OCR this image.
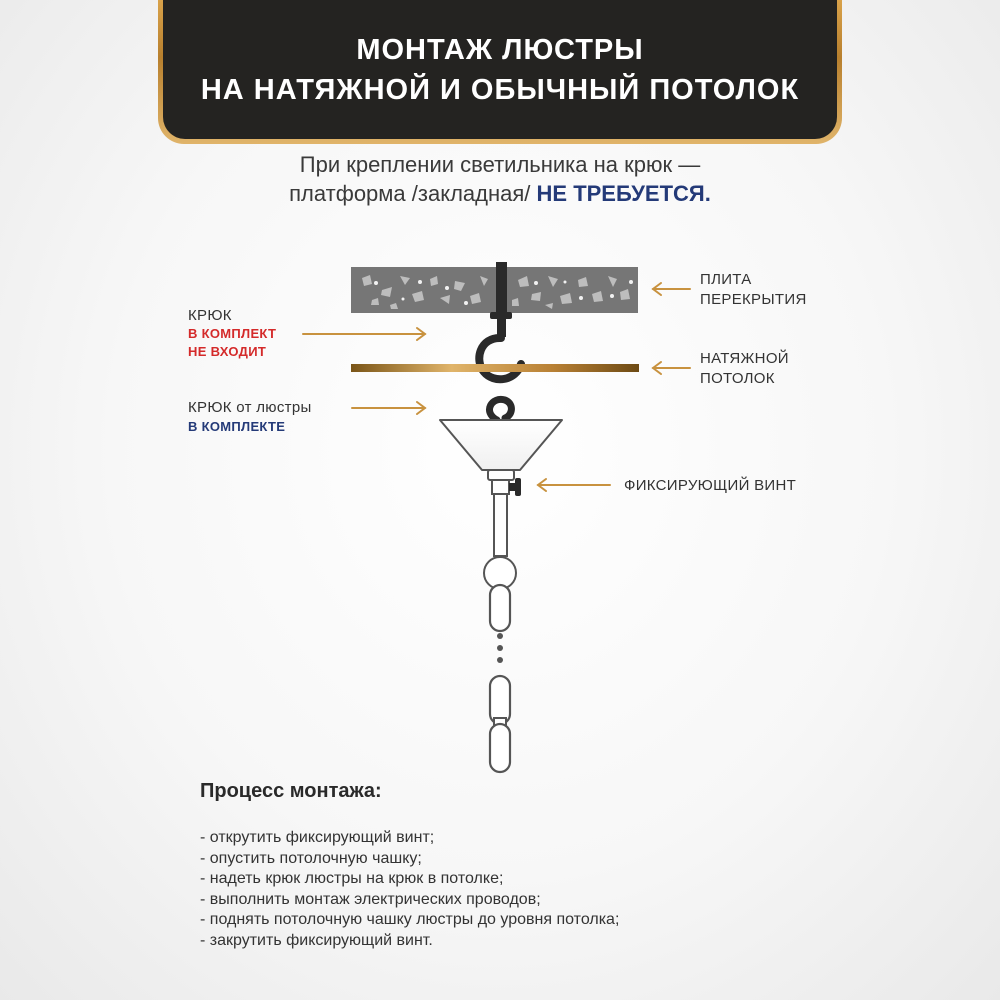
МОНТАЖ ЛЮСТРЫ
НА НАТЯЖНОЙ И ОБЫЧНЫЙ ПОТОЛОК
При креплении светильника на крюк —
платформа /закладная/ НЕ ТРЕБУЕТСЯ.
ПЛИТА
ПЕРЕКРЫТИЯ
КРЮК
В КОМПЛЕКТ
НЕ ВХОДИТ	НАТЯЖНОЙ
ПОТОЛОК
КРЮК от люстры
В КОМПЛЕКТЕ
ФИКСИРУЮЩИЙ ВИНТ
Процесс монтажа:
- открутить фиксирующий винт;
- опустить потолочную чашку;
- надеть крюк люстры на крюк в потолке;
- выполнить монтаж электрических проводов;
- поднять потолочную чашку люстры до уровня потолка;
- закрутить фиксирующий винт.
